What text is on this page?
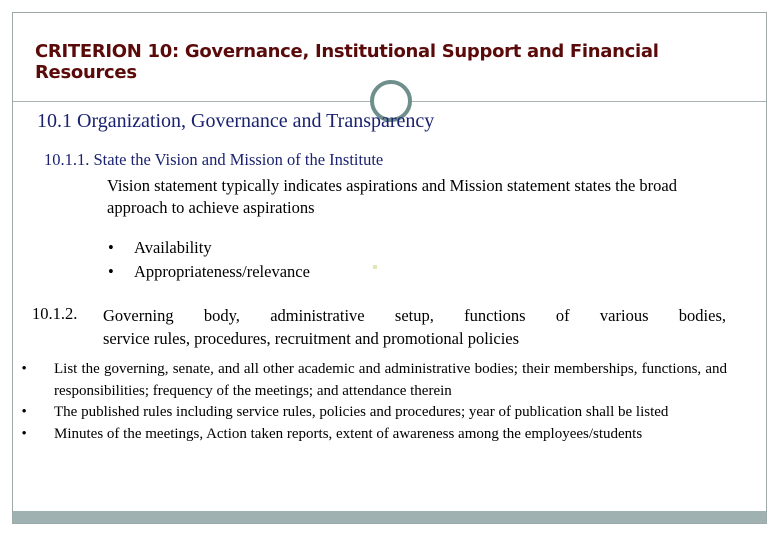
CRITERION 10: Governance, Institutional Support and Financial Resources
10.1 Organization, Governance and Transparency
10.1.1. State the Vision and Mission of the Institute
Vision statement typically indicates aspirations and Mission statement states the broad approach to achieve aspirations
•	Availability
•	Appropriateness/relevance
10.1.2. Governing body, administrative setup, functions of various bodies,
service rules, procedures, recruitment and promotional policies
•	List the governing, senate, and all other academic and administrative bodies; their memberships, functions, and responsibilities; frequency of the meetings; and attendance therein
•	The published rules including service rules, policies and procedures; year of publication shall be listed
•	Minutes of the meetings, Action taken reports, extent of awareness among the employees/students
